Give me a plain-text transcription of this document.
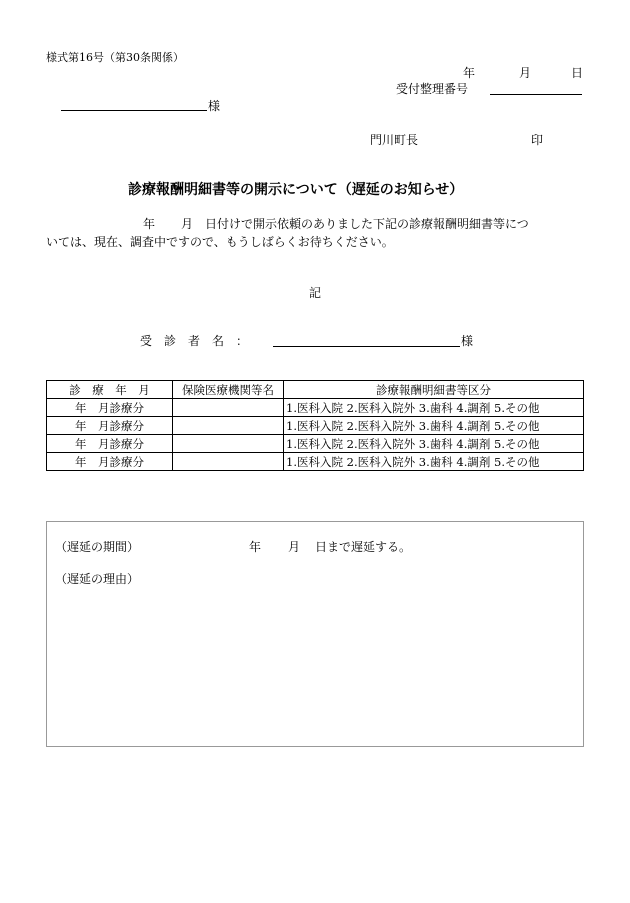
様式第16号（第30条関係）
年	月	日
受付整理番号
様
門川町長	印
診療報酬明細書等の開示について（遅延のお知らせ）
年 月 日付けで開示依頼のありました下記の診療報酬明細書等につ
いては、現在、調査中ですので、もうしばらくお待ちください。
記
受　診　者　名　：	様
診　療　年　月	保険医療機関等名	診療報酬明細書等区分
年　月診療分		1.医科入院 2.医科入院外 3.歯科 4.調剤 5.その他
年　月診療分		1.医科入院 2.医科入院外 3.歯科 4.調剤 5.その他
年　月診療分		1.医科入院 2.医科入院外 3.歯科 4.調剤 5.その他
年　月診療分		1.医科入院 2.医科入院外 3.歯科 4.調剤 5.その他
（遅延の期間）	年 月 日まで遅延する。
（遅延の理由）
